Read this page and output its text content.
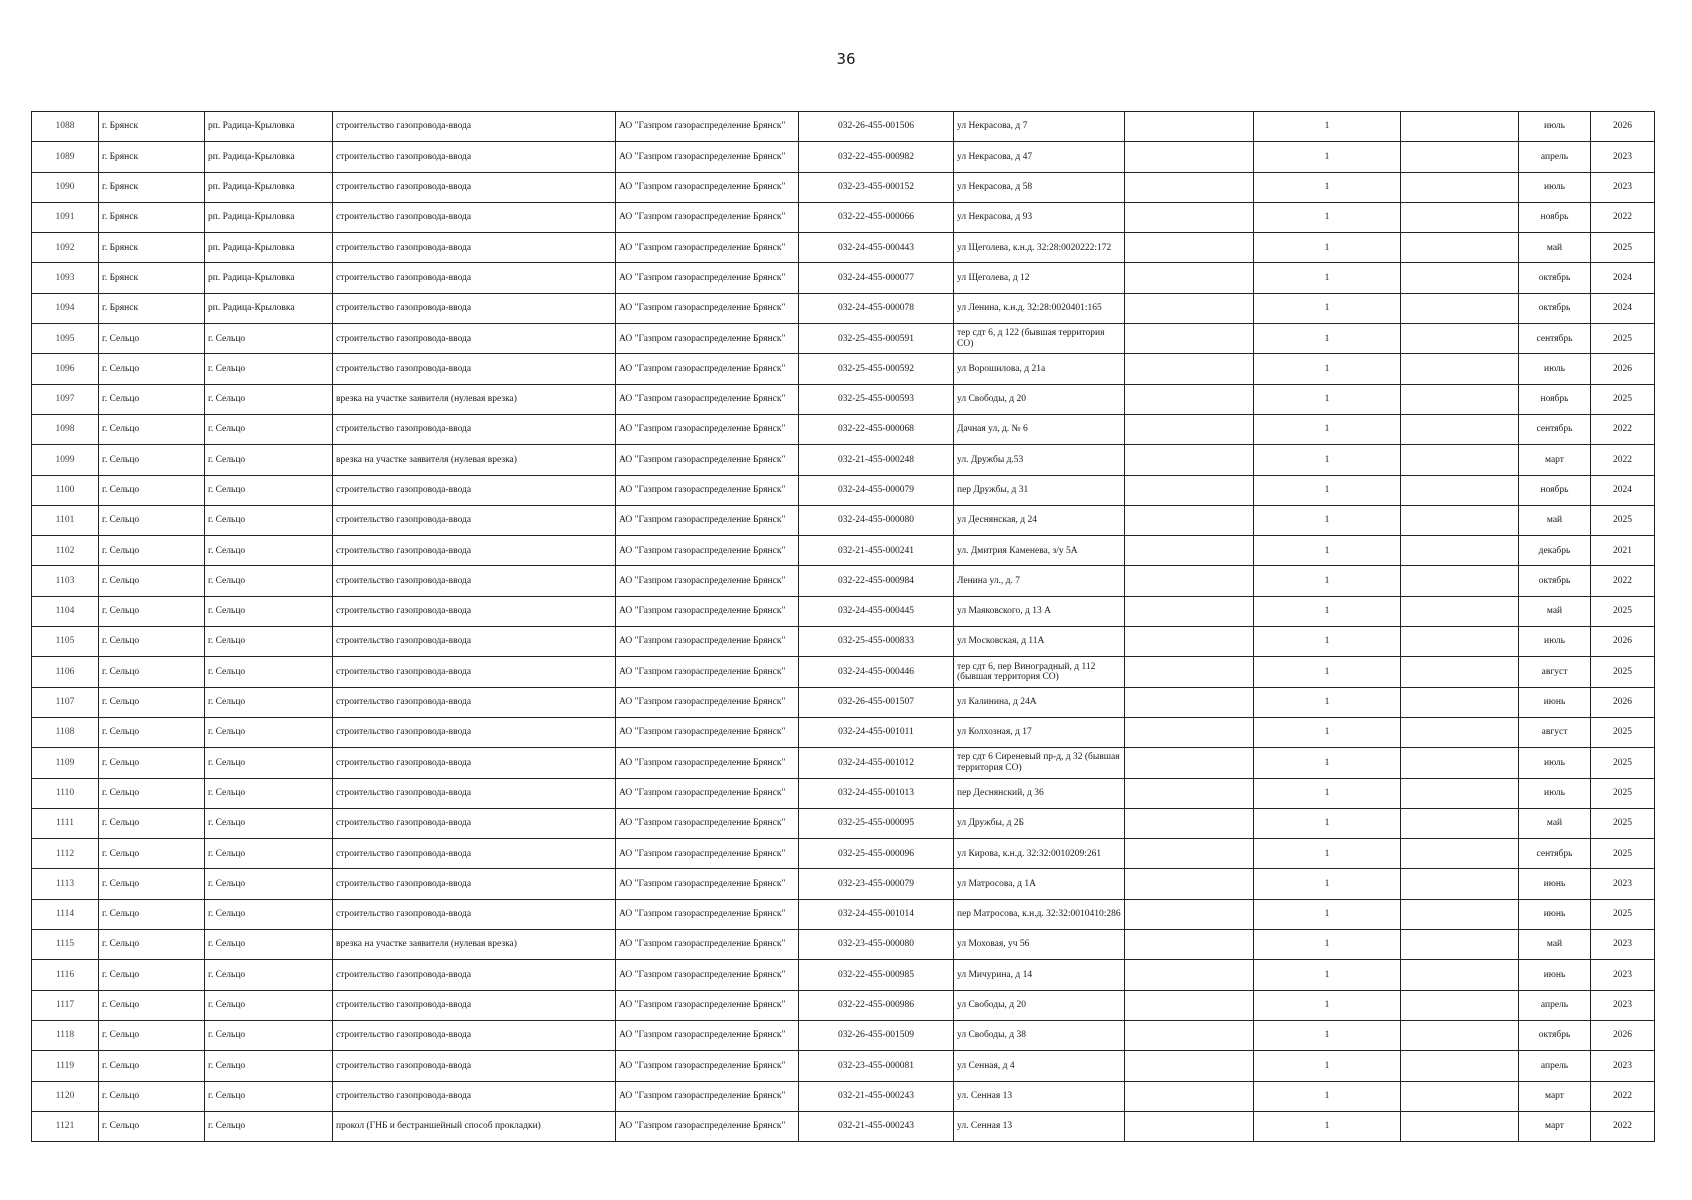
36
1088	г. Брянск	рп. Радица-Крыловка	строительство газопровода-ввода	АО "Газпром газораспределение Брянск"	032-26-455-001506	ул Некрасова, д 7		1		июль	2026
1089	г. Брянск	рп. Радица-Крыловка	строительство газопровода-ввода	АО "Газпром газораспределение Брянск"	032-22-455-000982	ул Некрасова, д 47		1		апрель	2023
1090	г. Брянск	рп. Радица-Крыловка	строительство газопровода-ввода	АО "Газпром газораспределение Брянск"	032-23-455-000152	ул Некрасова, д 58		1		июль	2023
1091	г. Брянск	рп. Радица-Крыловка	строительство газопровода-ввода	АО "Газпром газораспределение Брянск"	032-22-455-000066	ул Некрасова, д 93		1		ноябрь	2022
1092	г. Брянск	рп. Радица-Крыловка	строительство газопровода-ввода	АО "Газпром газораспределение Брянск"	032-24-455-000443	ул Щеголева, к.н.д. 32:28:0020222:172		1		май	2025
1093	г. Брянск	рп. Радица-Крыловка	строительство газопровода-ввода	АО "Газпром газораспределение Брянск"	032-24-455-000077	ул Щеголева, д 12		1		октябрь	2024
1094	г. Брянск	рп. Радица-Крыловка	строительство газопровода-ввода	АО "Газпром газораспределение Брянск"	032-24-455-000078	ул Ленина, к.н.д. 32:28:0020401:165		1		октябрь	2024
1095	г. Сельцо	г. Сельцо	строительство газопровода-ввода	АО "Газпром газораспределение Брянск"	032-25-455-000591	тер сдт 6, д 122 (бывшая территория СО)		1		сентябрь	2025
1096	г. Сельцо	г. Сельцо	строительство газопровода-ввода	АО "Газпром газораспределение Брянск"	032-25-455-000592	ул Ворошилова, д 21а		1		июль	2026
1097	г. Сельцо	г. Сельцо	врезка на участке заявителя (нулевая врезка)	АО "Газпром газораспределение Брянск"	032-25-455-000593	ул Свободы, д 20		1		ноябрь	2025
1098	г. Сельцо	г. Сельцо	строительство газопровода-ввода	АО "Газпром газораспределение Брянск"	032-22-455-000068	Дачная ул, д. № 6		1		сентябрь	2022
1099	г. Сельцо	г. Сельцо	врезка на участке заявителя (нулевая врезка)	АО "Газпром газораспределение Брянск"	032-21-455-000248	ул. Дружбы д.53		1		март	2022
1100	г. Сельцо	г. Сельцо	строительство газопровода-ввода	АО "Газпром газораспределение Брянск"	032-24-455-000079	пер Дружбы, д 31		1		ноябрь	2024
1101	г. Сельцо	г. Сельцо	строительство газопровода-ввода	АО "Газпром газораспределение Брянск"	032-24-455-000080	ул Деснянская, д 24		1		май	2025
1102	г. Сельцо	г. Сельцо	строительство газопровода-ввода	АО "Газпром газораспределение Брянск"	032-21-455-000241	ул. Дмитрия Каменева, з/у 5А		1		декабрь	2021
1103	г. Сельцо	г. Сельцо	строительство газопровода-ввода	АО "Газпром газораспределение Брянск"	032-22-455-000984	Ленина ул., д. 7		1		октябрь	2022
1104	г. Сельцо	г. Сельцо	строительство газопровода-ввода	АО "Газпром газораспределение Брянск"	032-24-455-000445	ул Маяковского, д 13 А		1		май	2025
1105	г. Сельцо	г. Сельцо	строительство газопровода-ввода	АО "Газпром газораспределение Брянск"	032-25-455-000833	ул Московская, д 11А		1		июль	2026
1106	г. Сельцо	г. Сельцо	строительство газопровода-ввода	АО "Газпром газораспределение Брянск"	032-24-455-000446	тер сдт 6, пер Виноградный, д 112 (бывшая территория СО)		1		август	2025
1107	г. Сельцо	г. Сельцо	строительство газопровода-ввода	АО "Газпром газораспределение Брянск"	032-26-455-001507	ул Калинина, д 24А		1		июнь	2026
1108	г. Сельцо	г. Сельцо	строительство газопровода-ввода	АО "Газпром газораспределение Брянск"	032-24-455-001011	ул Колхозная, д 17		1		август	2025
1109	г. Сельцо	г. Сельцо	строительство газопровода-ввода	АО "Газпром газораспределение Брянск"	032-24-455-001012	тер сдт 6 Сиреневый пр-д, д 32 (бывшая территория СО)		1		июль	2025
1110	г. Сельцо	г. Сельцо	строительство газопровода-ввода	АО "Газпром газораспределение Брянск"	032-24-455-001013	пер Деснянский, д 36		1		июль	2025
1111	г. Сельцо	г. Сельцо	строительство газопровода-ввода	АО "Газпром газораспределение Брянск"	032-25-455-000095	ул Дружбы, д 2Б		1		май	2025
1112	г. Сельцо	г. Сельцо	строительство газопровода-ввода	АО "Газпром газораспределение Брянск"	032-25-455-000096	ул Кирова, к.н.д. 32:32:0010209:261		1		сентябрь	2025
1113	г. Сельцо	г. Сельцо	строительство газопровода-ввода	АО "Газпром газораспределение Брянск"	032-23-455-000079	ул Матросова, д 1А		1		июнь	2023
1114	г. Сельцо	г. Сельцо	строительство газопровода-ввода	АО "Газпром газораспределение Брянск"	032-24-455-001014	пер Матросова, к.н.д. 32:32:0010410:286		1		июнь	2025
1115	г. Сельцо	г. Сельцо	врезка на участке заявителя (нулевая врезка)	АО "Газпром газораспределение Брянск"	032-23-455-000080	ул Моховая, уч 56		1		май	2023
1116	г. Сельцо	г. Сельцо	строительство газопровода-ввода	АО "Газпром газораспределение Брянск"	032-22-455-000985	ул Мичурина, д 14		1		июнь	2023
1117	г. Сельцо	г. Сельцо	строительство газопровода-ввода	АО "Газпром газораспределение Брянск"	032-22-455-000986	ул Свободы, д 20		1		апрель	2023
1118	г. Сельцо	г. Сельцо	строительство газопровода-ввода	АО "Газпром газораспределение Брянск"	032-26-455-001509	ул Свободы, д 38		1		октябрь	2026
1119	г. Сельцо	г. Сельцо	строительство газопровода-ввода	АО "Газпром газораспределение Брянск"	032-23-455-000081	ул Сенная, д 4		1		апрель	2023
1120	г. Сельцо	г. Сельцо	строительство газопровода-ввода	АО "Газпром газораспределение Брянск"	032-21-455-000243	ул. Сенная 13		1		март	2022
1121	г. Сельцо	г. Сельцо	прокол (ГНБ и бестраншейный способ прокладки)	АО "Газпром газораспределение Брянск"	032-21-455-000243	ул. Сенная 13		1		март	2022
